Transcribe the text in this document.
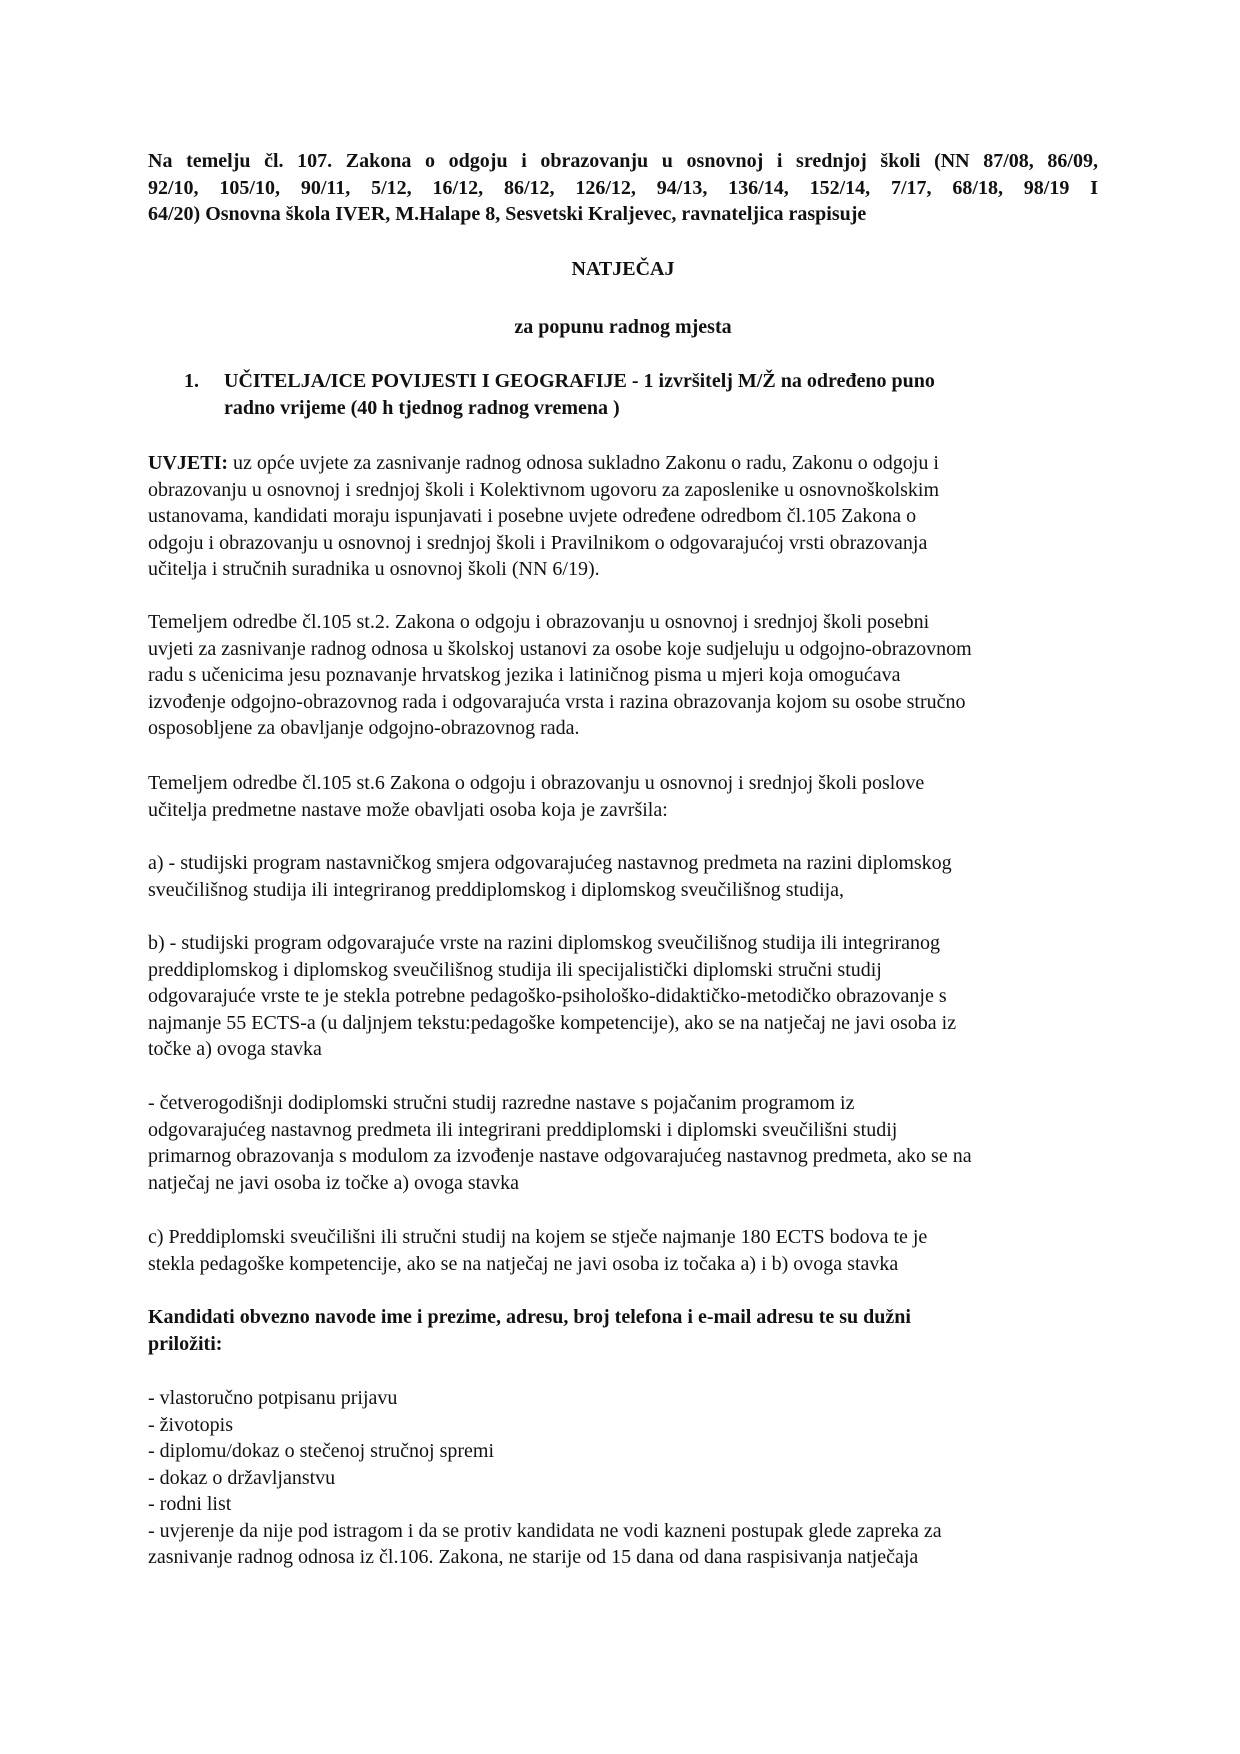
Na temelju čl. 107. Zakona o odgoju i obrazovanju u osnovnoj i srednjoj školi (NN 87/08, 86/09,
92/10, 105/10, 90/11, 5/12, 16/12, 86/12, 126/12, 94/13, 136/14, 152/14, 7/17, 68/18, 98/19 I
64/20) Osnovna škola IVER, M.Halape 8, Sesvetski Kraljevec, ravnateljica raspisuje
NATJEČAJ
za popunu radnog mjesta
1.	UČITELJA/ICE POVIJESTI I GEOGRAFIJE - 1 izvršitelj M/Ž na određeno puno
radno vrijeme (40 h tjednog radnog vremena )
UVJETI: uz opće uvjete za zasnivanje radnog odnosa sukladno Zakonu o radu, Zakonu o odgoju i
obrazovanju u osnovnoj i srednjoj školi i Kolektivnom ugovoru za zaposlenike u osnovnoškolskim
ustanovama, kandidati moraju ispunjavati i posebne uvjete određene odredbom čl.105 Zakona o
odgoju i obrazovanju u osnovnoj i srednjoj školi i Pravilnikom o odgovarajućoj vrsti obrazovanja
učitelja i stručnih suradnika u osnovnoj školi (NN 6/19).
Temeljem odredbe čl.105 st.2. Zakona o odgoju i obrazovanju u osnovnoj i srednjoj školi posebni
uvjeti za zasnivanje radnog odnosa u školskoj ustanovi za osobe koje sudjeluju u odgojno-obrazovnom
radu s učenicima jesu poznavanje hrvatskog jezika i latiničnog pisma u mjeri koja omogućava
izvođenje odgojno-obrazovnog rada i odgovarajuća vrsta i razina obrazovanja kojom su osobe stručno
osposobljene za obavljanje odgojno-obrazovnog rada.
Temeljem odredbe čl.105 st.6 Zakona o odgoju i obrazovanju u osnovnoj i srednjoj školi poslove
učitelja predmetne nastave može obavljati osoba koja je završila:
a) - studijski program nastavničkog smjera odgovarajućeg nastavnog predmeta na razini diplomskog
sveučilišnog studija ili integriranog preddiplomskog i diplomskog sveučilišnog studija,
b) - studijski program odgovarajuće vrste na razini diplomskog sveučilišnog studija ili integriranog
preddiplomskog i diplomskog sveučilišnog studija ili specijalistički diplomski stručni studij
odgovarajuće vrste te je stekla potrebne pedagoško-psihološko-didaktičko-metodičko obrazovanje s
najmanje 55 ECTS-a (u daljnjem tekstu:pedagoške kompetencije), ako se na natječaj ne javi osoba iz
točke a) ovoga stavka
- četverogodišnji dodiplomski stručni studij razredne nastave s pojačanim programom iz
odgovarajućeg nastavnog predmeta ili integrirani preddiplomski i diplomski sveučilišni studij
primarnog obrazovanja s modulom za izvođenje nastave odgovarajućeg nastavnog predmeta, ako se na
natječaj ne javi osoba iz točke a) ovoga stavka
c) Preddiplomski sveučilišni ili stručni studij na kojem se stječe najmanje 180 ECTS bodova te je
stekla pedagoške kompetencije, ako se na natječaj ne javi osoba iz točaka a) i b) ovoga stavka
Kandidati obvezno navode ime i prezime, adresu, broj telefona i e-mail adresu te su dužni
priložiti:
- vlastoručno potpisanu prijavu
- životopis
- diplomu/dokaz o stečenoj stručnoj spremi
- dokaz o državljanstvu
- rodni list
- uvjerenje da nije pod istragom i da se protiv kandidata ne vodi kazneni postupak glede zapreka za
zasnivanje radnog odnosa iz čl.106. Zakona, ne starije od 15 dana od dana raspisivanja natječaja
